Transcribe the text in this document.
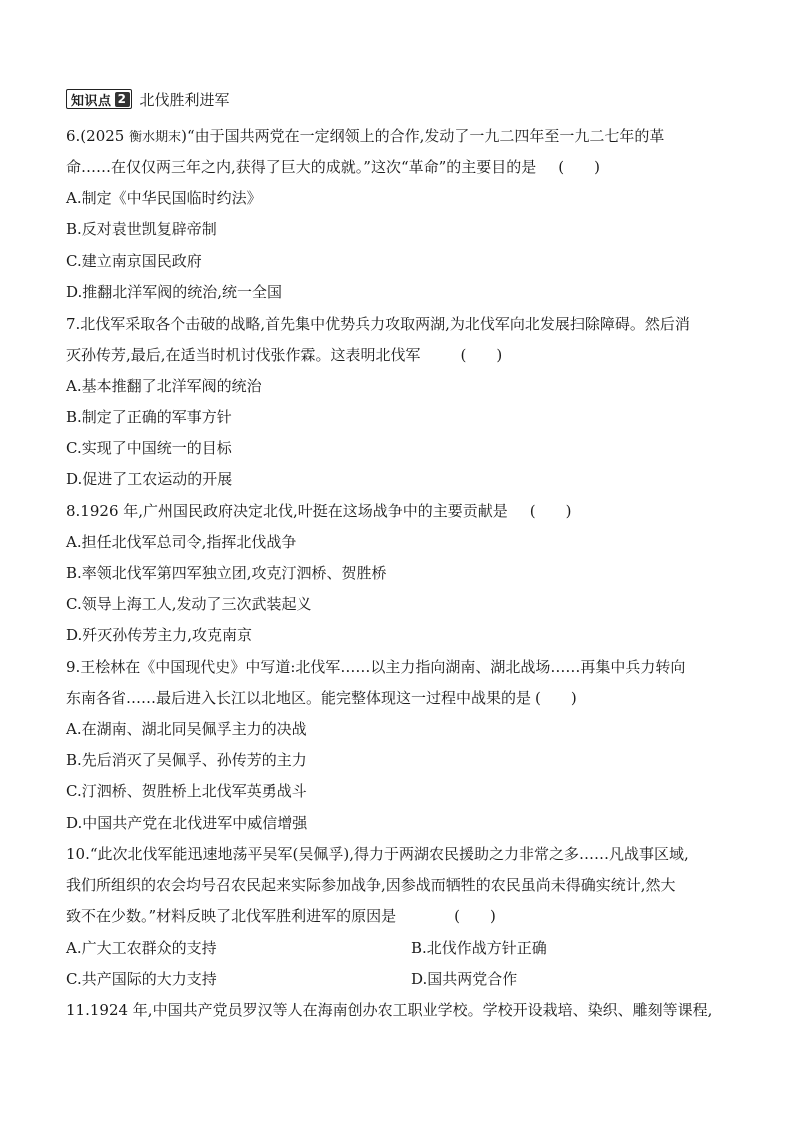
知识点 2 北伐胜利进军
6.(2025 衡水期末)“由于国共两党在一定纲领上的合作,发动了一九二四年至一九二七年的革
命……在仅仅两三年之内,获得了巨大的成就。”这次“革命”的主要目的是 (　　)
A.制定《中华民国临时约法》
B.反对袁世凯复辟帝制
C.建立南京国民政府
D.推翻北洋军阀的统治,统一全国
7.北伐军采取各个击破的战略,首先集中优势兵力攻取两湖,为北伐军向北发展扫除障碍。然后消
灭孙传芳,最后,在适当时机讨伐张作霖。这表明北伐军	(　　)
A.基本推翻了北洋军阀的统治
B.制定了正确的军事方针
C.实现了中国统一的目标
D.促进了工农运动的开展
8.1926 年,广州国民政府决定北伐,叶挺在这场战争中的主要贡献是 (　　)
A.担任北伐军总司令,指挥北伐战争
B.率领北伐军第四军独立团,攻克汀泗桥、贺胜桥
C.领导上海工人,发动了三次武装起义
D.歼灭孙传芳主力,攻克南京
9.王桧林在《中国现代史》中写道:北伐军……以主力指向湖南、湖北战场……再集中兵力转向
东南各省……最后进入长江以北地区。能完整体现这一过程中战果的是 (　　)
A.在湖南、湖北同吴佩孚主力的决战
B.先后消灭了吴佩孚、孙传芳的主力
C.汀泗桥、贺胜桥上北伐军英勇战斗
D.中国共产党在北伐进军中威信增强
10.“此次北伐军能迅速地荡平吴军(吴佩孚),得力于两湖农民援助之力非常之多……凡战事区域,
我们所组织的农会均号召农民起来实际参加战争,因参战而牺牲的农民虽尚未得确实统计,然大
致不在少数。”材料反映了北伐军胜利进军的原因是	(　　)
A.广大工农群众的支持	B.北伐作战方针正确
C.共产国际的大力支持	D.国共两党合作
11.1924 年,中国共产党员罗汉等人在海南创办农工职业学校。学校开设栽培、染织、雕刻等课程,
